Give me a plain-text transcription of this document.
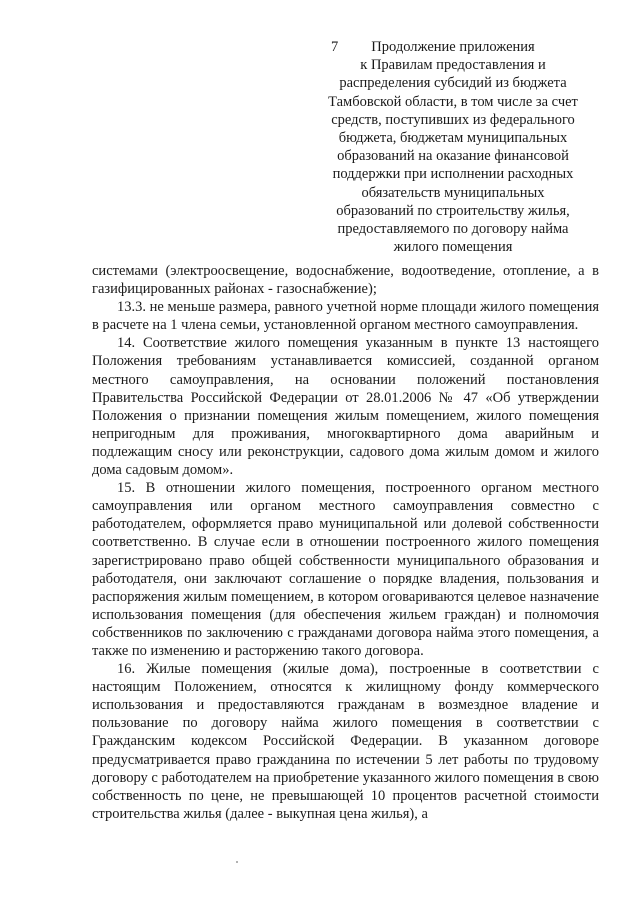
7	Продолжение приложения
к Правилам предоставления и
распределения субсидий из бюджета
Тамбовской области, в том числе за счет
средств, поступивших из федерального
бюджета, бюджетам муниципальных
образований на оказание финансовой
поддержки при исполнении расходных
обязательств муниципальных
образований по строительству жилья,
предоставляемого по договору найма
жилого помещения

системами (электроосвещение, водоснабжение, водоотведение, отопление, а в газифицированных районах - газоснабжение);

13.3. не меньше размера, равного учетной норме площади жилого помещения в расчете на 1 члена семьи, установленной органом местного самоуправления.

14. Соответствие жилого помещения указанным в пункте 13 настоящего Положения требованиям устанавливается комиссией, созданной органом местного самоуправления, на основании положений постановления Правительства Российской Федерации от 28.01.2006 № 47 «Об утверждении Положения о признании помещения жилым помещением, жилого помещения непригодным для проживания, многоквартирного дома аварийным и подлежащим сносу или реконструкции, садового дома жилым домом и жилого дома садовым домом».

15. В отношении жилого помещения, построенного органом местного самоуправления или органом местного самоуправления совместно с работодателем, оформляется право муниципальной или долевой собственности соответственно. В случае если в отношении построенного жилого помещения зарегистрировано право общей собственности муниципального образования и работодателя, они заключают соглашение о порядке владения, пользования и распоряжения жилым помещением, в котором оговариваются целевое назначение использования помещения (для обеспечения жильем граждан) и полномочия собственников по заключению с гражданами договора найма этого помещения, а также по изменению и расторжению такого договора.

16. Жилые помещения (жилые дома), построенные в соответствии с настоящим Положением, относятся к жилищному фонду коммерческого использования и предоставляются гражданам в возмездное владение и пользование по договору найма жилого помещения в соответствии с Гражданским кодексом Российской Федерации. В указанном договоре предусматривается право гражданина по истечении 5 лет работы по трудовому договору с работодателем на приобретение указанного жилого помещения в свою собственность по цене, не превышающей 10 процентов расчетной стоимости строительства жилья (далее - выкупная цена жилья), а
